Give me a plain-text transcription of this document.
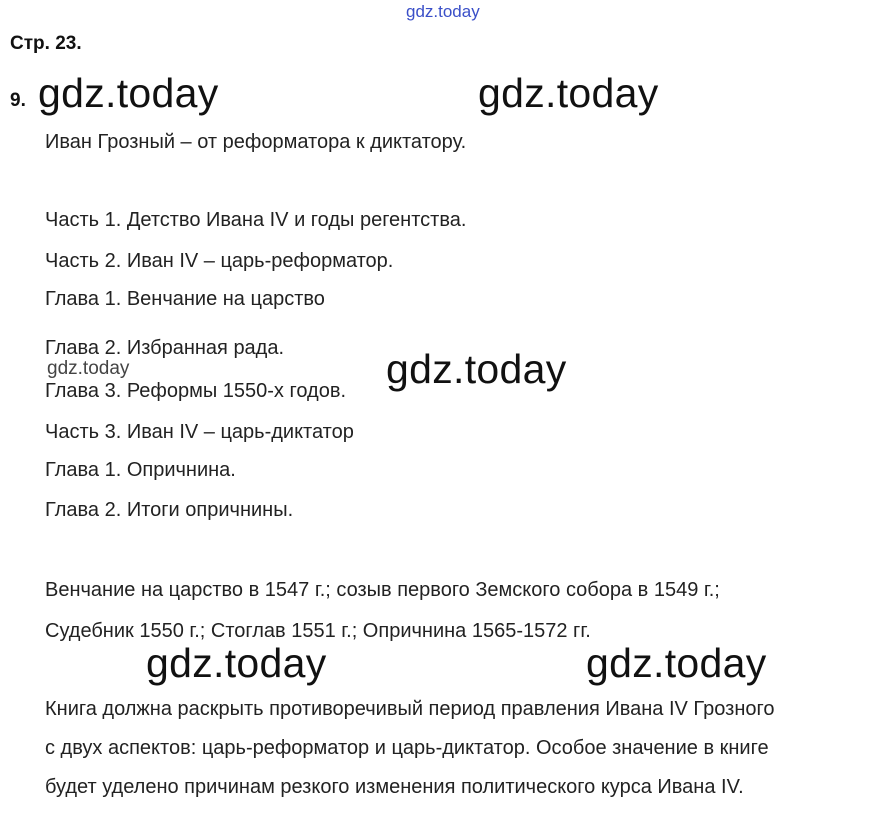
gdz.today
Стр. 23.
9. gdz.today	gdz.today
Иван Грозный – от реформатора к диктатору.
Часть 1. Детство Ивана IV и годы регентства.
Часть 2. Иван IV – царь-реформатор.
Глава 1. Венчание на царство
Глава 2. Избранная рада.
gdz.today
Глава 3. Реформы 1550-х годов. gdz.today
Часть 3. Иван IV – царь-диктатор
Глава 1. Опричнина.
Глава 2. Итоги опричнины.
Венчание на царство в 1547 г.; созыв первого Земского собора в 1549 г.;
Судебник 1550 г.; Стоглав 1551 г.; Опричнина 1565-1572 гг.
gdz.today	gdz.today
Книга должна раскрыть противоречивый период правления Ивана IV Грозного
с двух аспектов: царь-реформатор и царь-диктатор. Особое значение в книге
будет уделено причинам резкого изменения политического курса Ивана IV.
